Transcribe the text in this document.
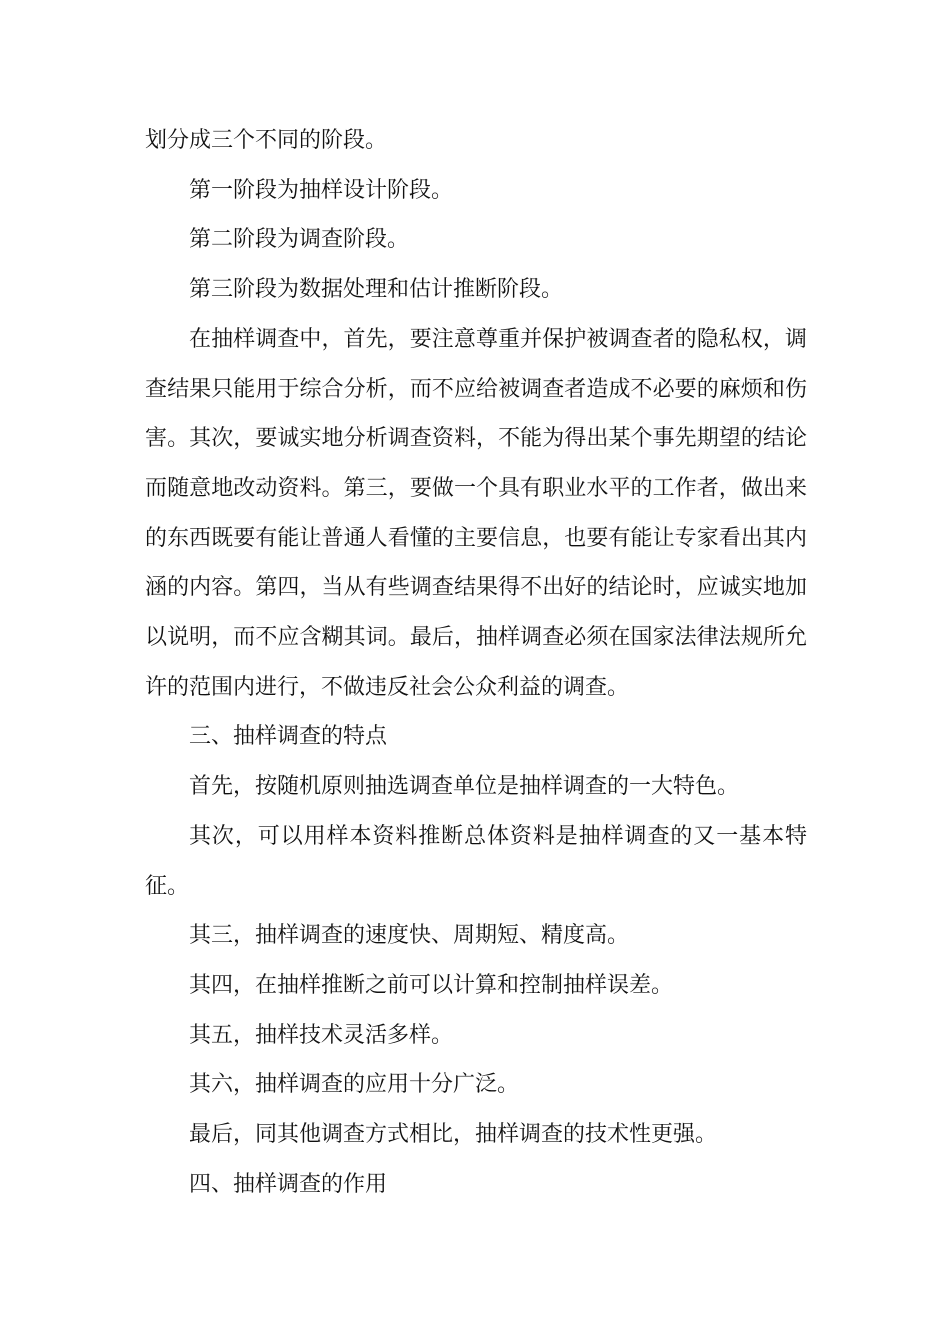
划分成三个不同的阶段。

第一阶段为抽样设计阶段。

第二阶段为调查阶段。

第三阶段为数据处理和估计推断阶段。

在抽样调查中，首先，要注意尊重并保护被调查者的隐私权，调查结果只能用于综合分析，而不应给被调查者造成不必要的麻烦和伤害。其次，要诚实地分析调查资料，不能为得出某个事先期望的结论而随意地改动资料。第三，要做一个具有职业水平的工作者，做出来的东西既要有能让普通人看懂的主要信息，也要有能让专家看出其内涵的内容。第四，当从有些调查结果得不出好的结论时，应诚实地加以说明，而不应含糊其词。最后，抽样调查必须在国家法律法规所允许的范围内进行，不做违反社会公众利益的调查。

三、抽样调查的特点

首先，按随机原则抽选调查单位是抽样调查的一大特色。

其次，可以用样本资料推断总体资料是抽样调查的又一基本特征。

其三，抽样调查的速度快、周期短、精度高。

其四，在抽样推断之前可以计算和控制抽样误差。

其五，抽样技术灵活多样。

其六，抽样调查的应用十分广泛。

最后，同其他调查方式相比，抽样调查的技术性更强。

四、抽样调查的作用
